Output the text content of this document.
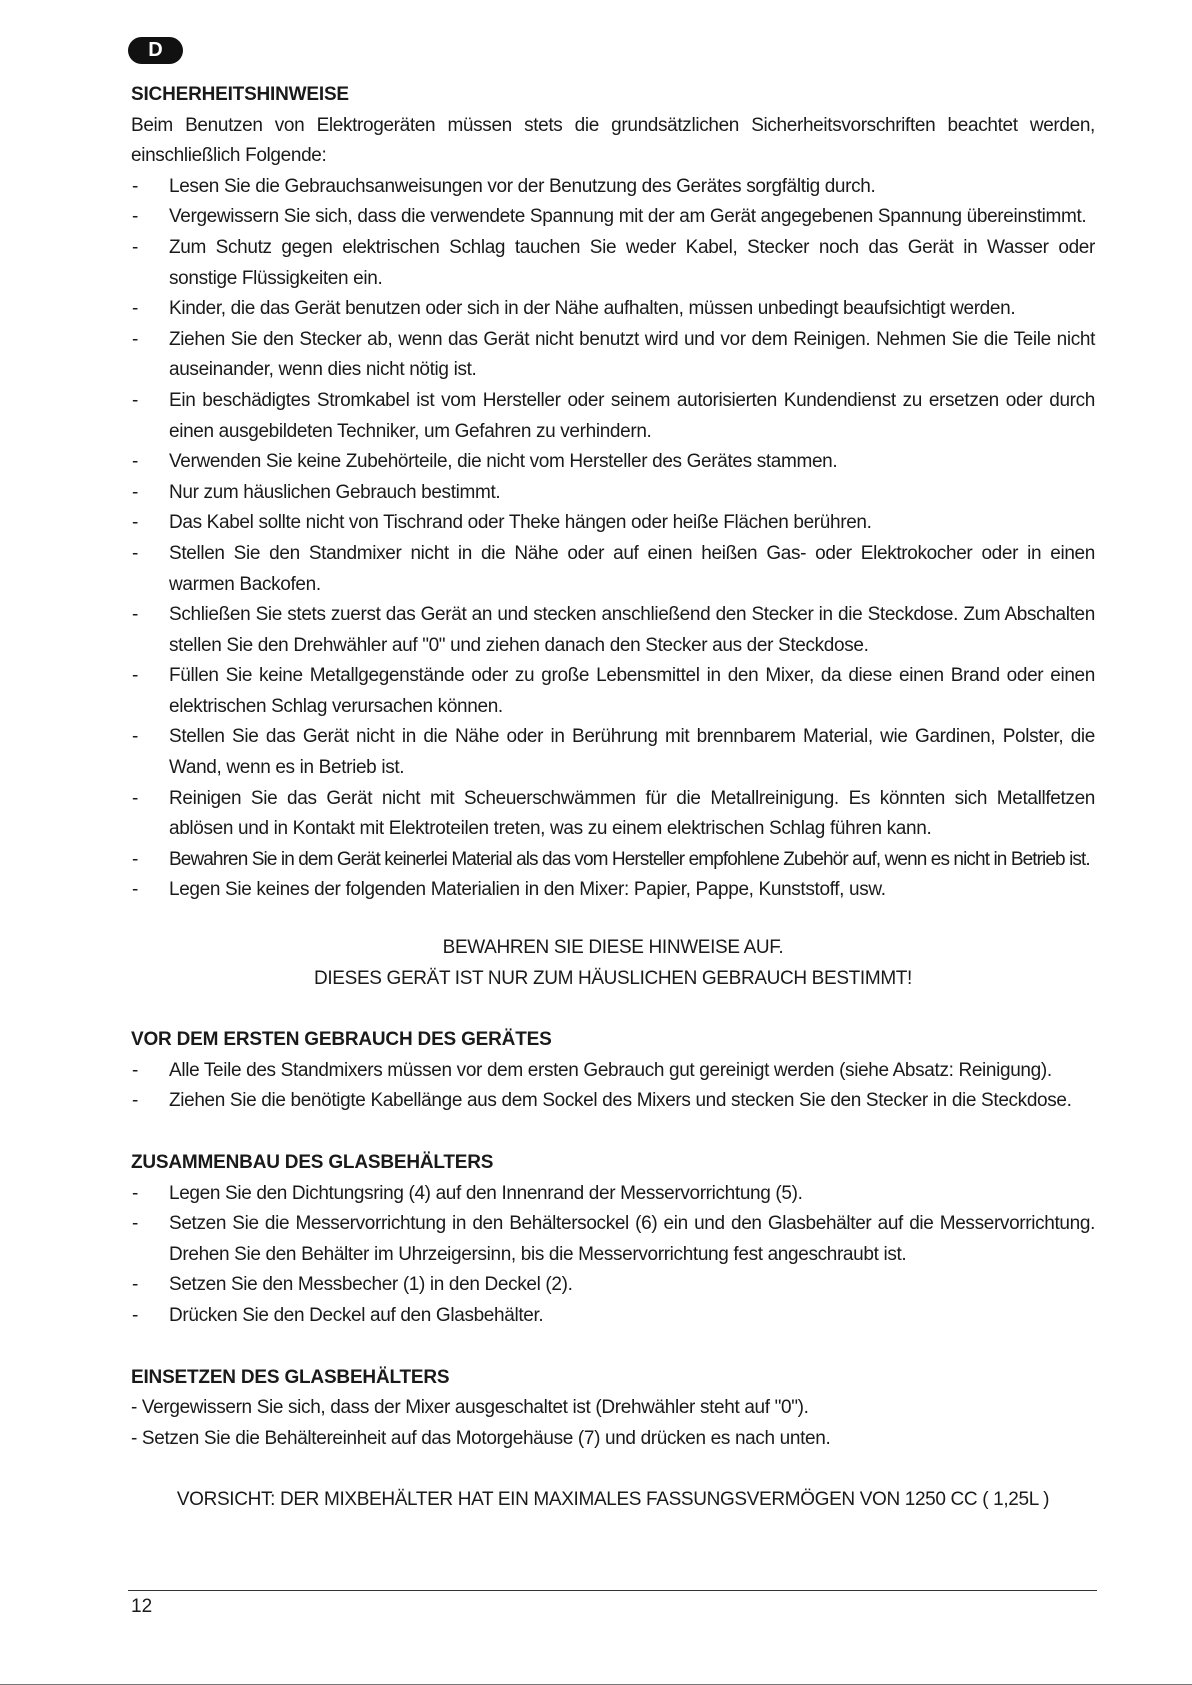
D
SICHERHEITSHINWEISE
Beim Benutzen von Elektrogeräten müssen stets die grundsätzlichen Sicherheitsvorschriften beachtet werden, einschließlich Folgende:
- Lesen Sie die Gebrauchsanweisungen vor der Benutzung des Gerätes sorgfältig durch.
- Vergewissern Sie sich, dass die verwendete Spannung mit der am Gerät angegebenen Spannung übereinstimmt.
- Zum Schutz gegen elektrischen Schlag tauchen Sie weder Kabel, Stecker noch das Gerät in Wasser oder sonstige Flüssigkeiten ein.
- Kinder, die das Gerät benutzen oder sich in der Nähe aufhalten, müssen unbedingt beaufsichtigt werden.
- Ziehen Sie den Stecker ab, wenn das Gerät nicht benutzt wird und vor dem Reinigen. Nehmen Sie die Teile nicht auseinander, wenn dies nicht nötig ist.
- Ein beschädigtes Stromkabel ist vom Hersteller oder seinem autorisierten Kundendienst zu ersetzen oder durch einen ausgebildeten Techniker, um Gefahren zu verhindern.
- Verwenden Sie keine Zubehörteile, die nicht vom Hersteller des Gerätes stammen.
- Nur zum häuslichen Gebrauch bestimmt.
- Das Kabel sollte nicht von Tischrand oder Theke hängen oder heiße Flächen berühren.
- Stellen Sie den Standmixer nicht in die Nähe oder auf einen heißen Gas- oder Elektrokocher oder in einen warmen Backofen.
- Schließen Sie stets zuerst das Gerät an und stecken anschließend den Stecker in die Steckdose. Zum Abschalten stellen Sie den Drehwähler auf "0" und ziehen danach den Stecker aus der Steckdose.
- Füllen Sie keine Metallgegenstände oder zu große Lebensmittel in den Mixer, da diese einen Brand oder einen elektrischen Schlag verursachen können.
- Stellen Sie das Gerät nicht in die Nähe oder in Berührung mit brennbarem Material, wie Gardinen, Polster, die Wand, wenn es in Betrieb ist.
- Reinigen Sie das Gerät nicht mit Scheuerschwämmen für die Metallreinigung. Es könnten sich Metallfetzen ablösen und in Kontakt mit Elektroteilen treten, was zu einem elektrischen Schlag führen kann.
- Bewahren Sie in dem Gerät keinerlei Material als das vom Hersteller empfohlene Zubehör auf, wenn es nicht in Betrieb ist.
- Legen Sie keines der folgenden Materialien in den Mixer: Papier, Pappe, Kunststoff, usw.
BEWAHREN SIE DIESE HINWEISE AUF.
DIESES GERÄT IST NUR ZUM HÄUSLICHEN GEBRAUCH BESTIMMT!
VOR DEM ERSTEN GEBRAUCH DES GERÄTES
- Alle Teile des Standmixers müssen vor dem ersten Gebrauch gut gereinigt werden (siehe Absatz: Reinigung).
- Ziehen Sie die benötigte Kabellänge aus dem Sockel des Mixers und stecken Sie den Stecker in die Steckdose.
ZUSAMMENBAU DES GLASBEHÄLTERS
- Legen Sie den Dichtungsring (4) auf den Innenrand der Messervorrichtung (5).
- Setzen Sie die Messervorrichtung in den Behältersockel (6) ein und den Glasbehälter auf die Messervorrichtung. Drehen Sie den Behälter im Uhrzeigersinn, bis die Messervorrichtung fest angeschraubt ist.
- Setzen Sie den Messbecher (1) in den Deckel (2).
- Drücken Sie den Deckel auf den Glasbehälter.
EINSETZEN DES GLASBEHÄLTERS
- Vergewissern Sie sich, dass der Mixer ausgeschaltet ist (Drehwähler steht auf "0").
- Setzen Sie die Behältereinheit auf das Motorgehäuse (7) und drücken es nach unten.
VORSICHT: DER MIXBEHÄLTER HAT EIN MAXIMALES FASSUNGSVERMÖGEN VON 1250 CC ( 1,25L )
12
